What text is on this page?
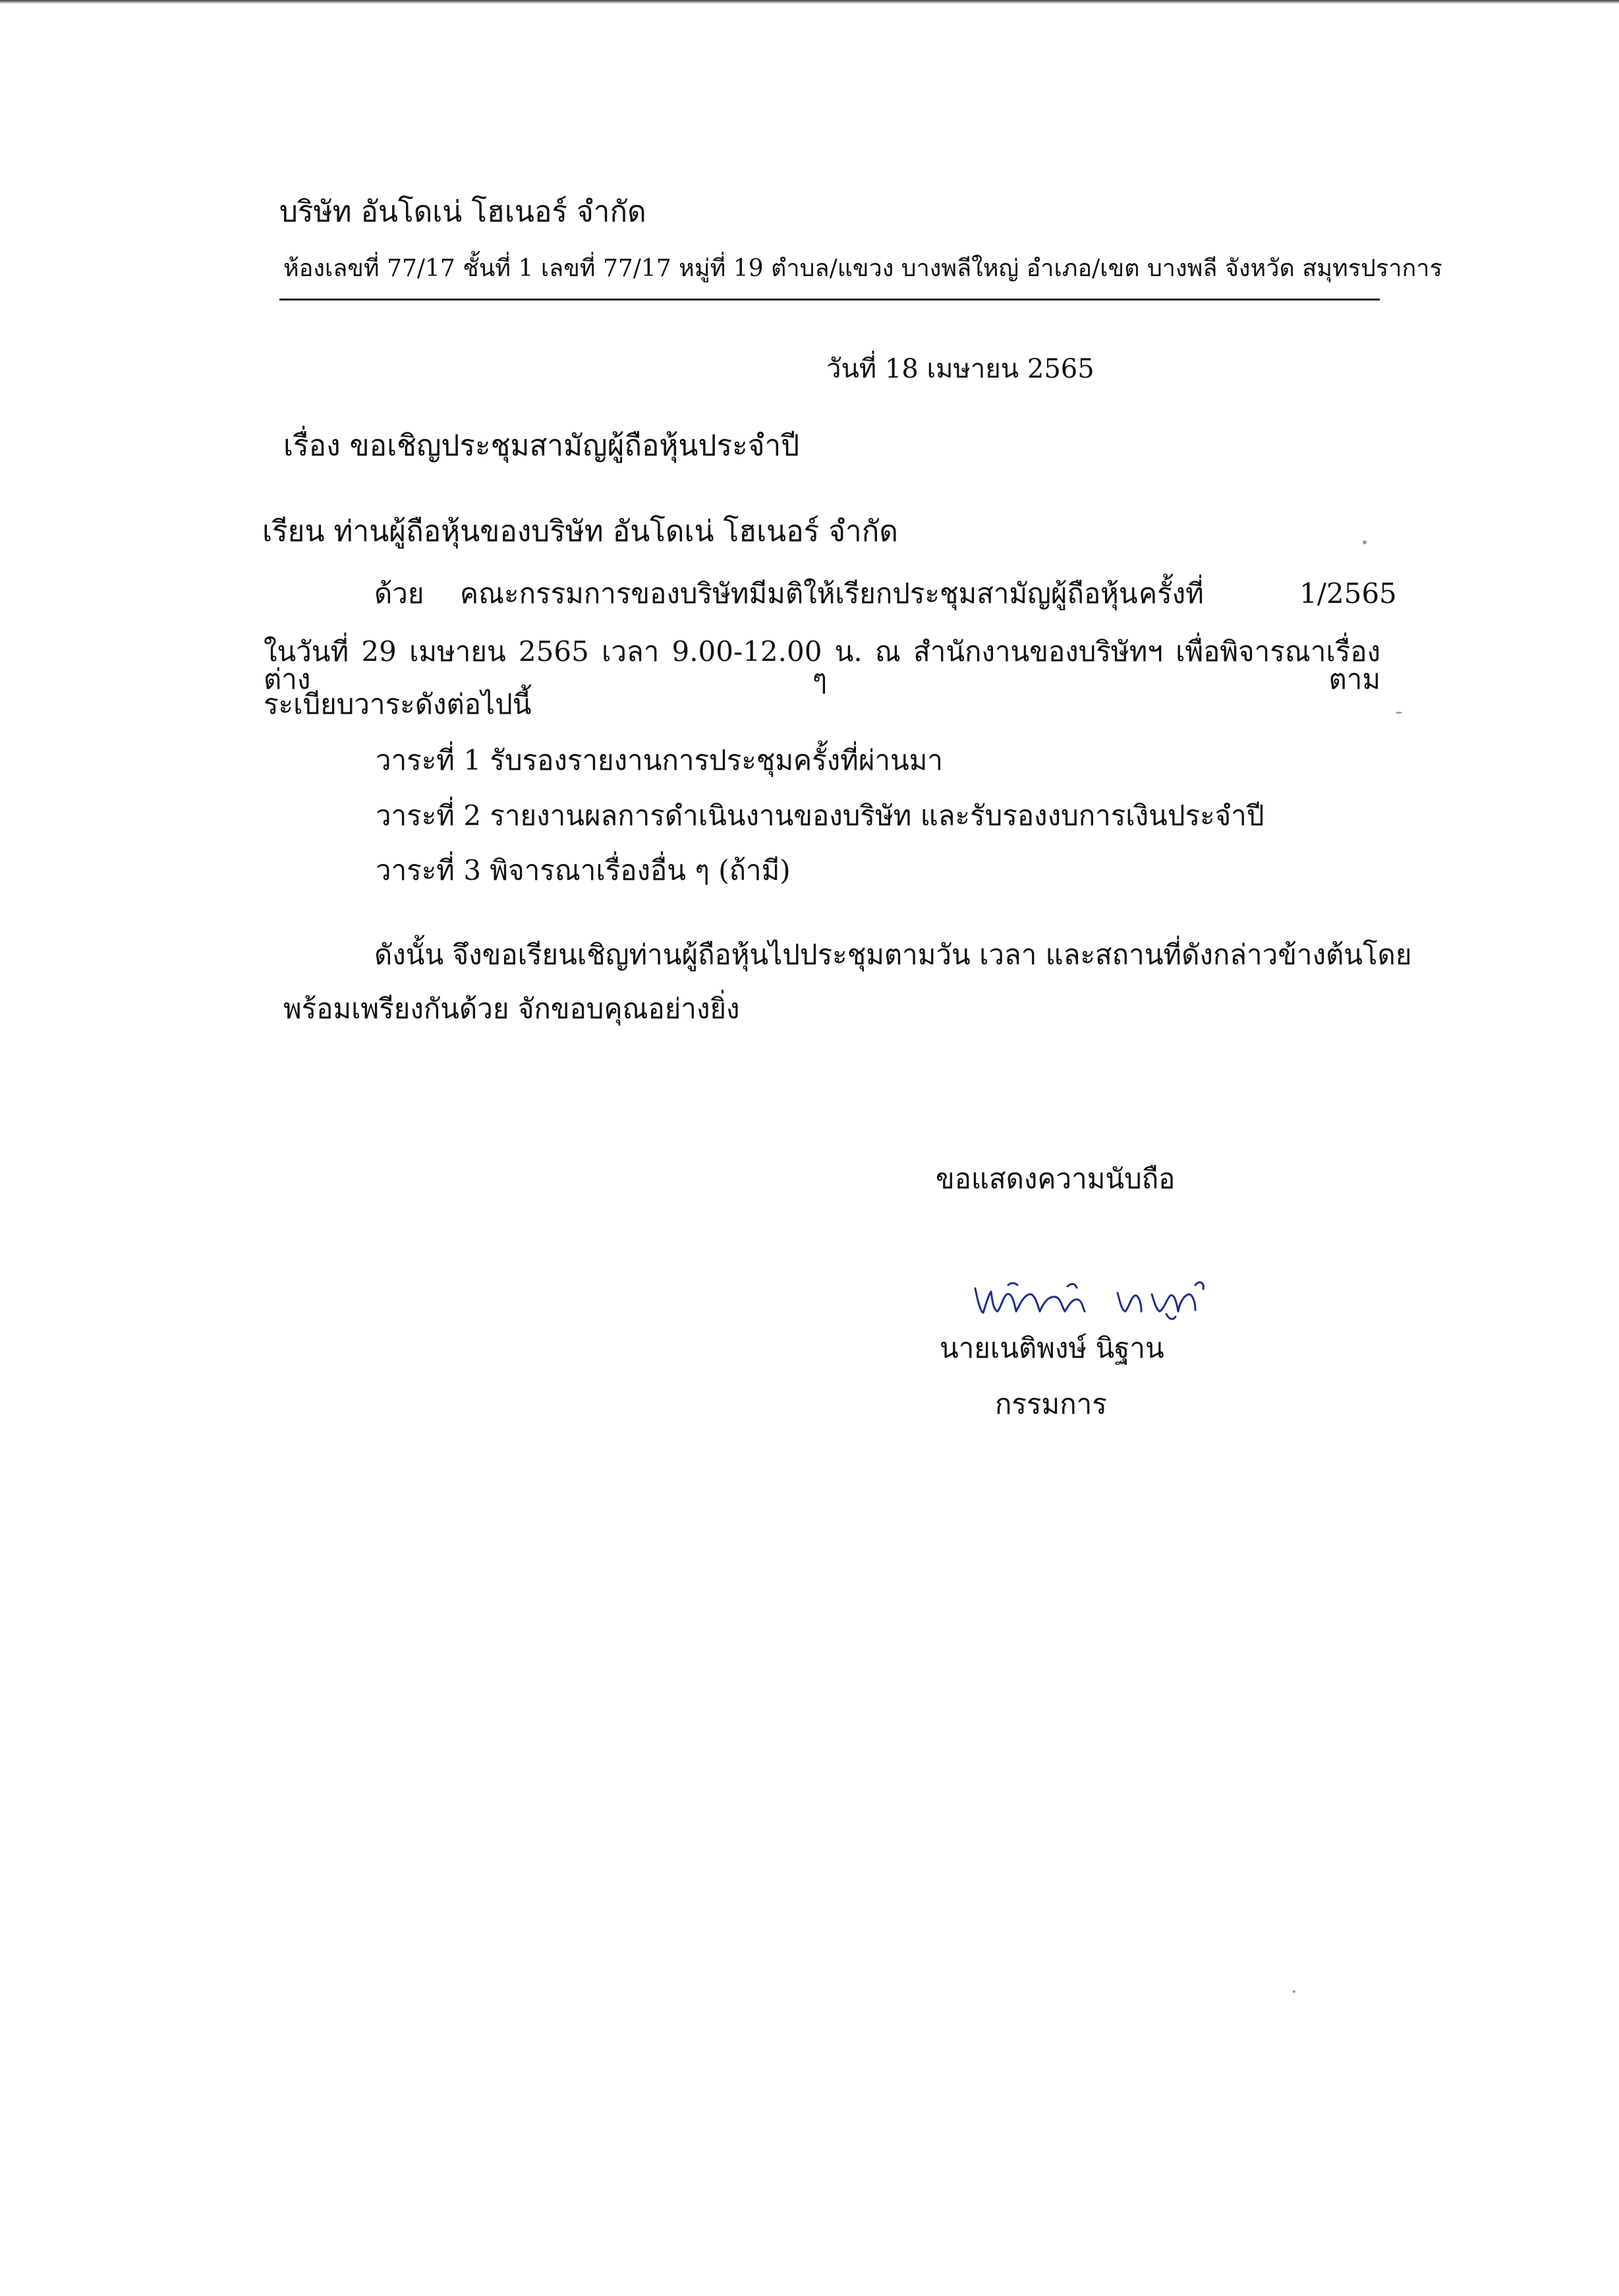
บริษัท อันโดเน่ โฮเนอร์ จำกัด
ห้องเลขที่ 77/17 ชั้นที่ 1 เลขที่ 77/17 หมู่ที่ 19 ตำบล/แขวง บางพลีใหญ่ อำเภอ/เขต บางพลี จังหวัด สมุทรปราการ
วันที่ 18 เมษายน 2565
เรื่อง ขอเชิญประชุมสามัญผู้ถือหุ้นประจำปี
เรียน ท่านผู้ถือหุ้นของบริษัท อันโดเน่ โฮเนอร์ จำกัด
ด้วย คณะกรรมการของบริษัทมีมติให้เรียกประชุมสามัญผู้ถือหุ้น ครั้งที่	1/2565
ในวันที่ 29 เมษายน 2565 เวลา 9.00-12.00 น. ณ สำนักงานของบริษัทฯ เพื่อพิจารณาเรื่องต่าง ๆ ตาม
ระเบียบวาระดังต่อไปนี้
วาระที่ 1 รับรองรายงานการประชุมครั้งที่ผ่านมา
วาระที่ 2 รายงานผลการดำเนินงานของบริษัท และรับรองงบการเงินประจำปี
วาระที่ 3 พิจารณาเรื่องอื่น ๆ (ถ้ามี)
ดังนั้น จึงขอเรียนเชิญท่านผู้ถือหุ้นไปประชุมตามวัน เวลา และสถานที่ดังกล่าวข้างต้นโดย
พร้อมเพรียงกันด้วย จักขอบคุณอย่างยิ่ง
ขอแสดงความนับถือ
นายเนติพงษ์ นิฐาน
กรรมการ
